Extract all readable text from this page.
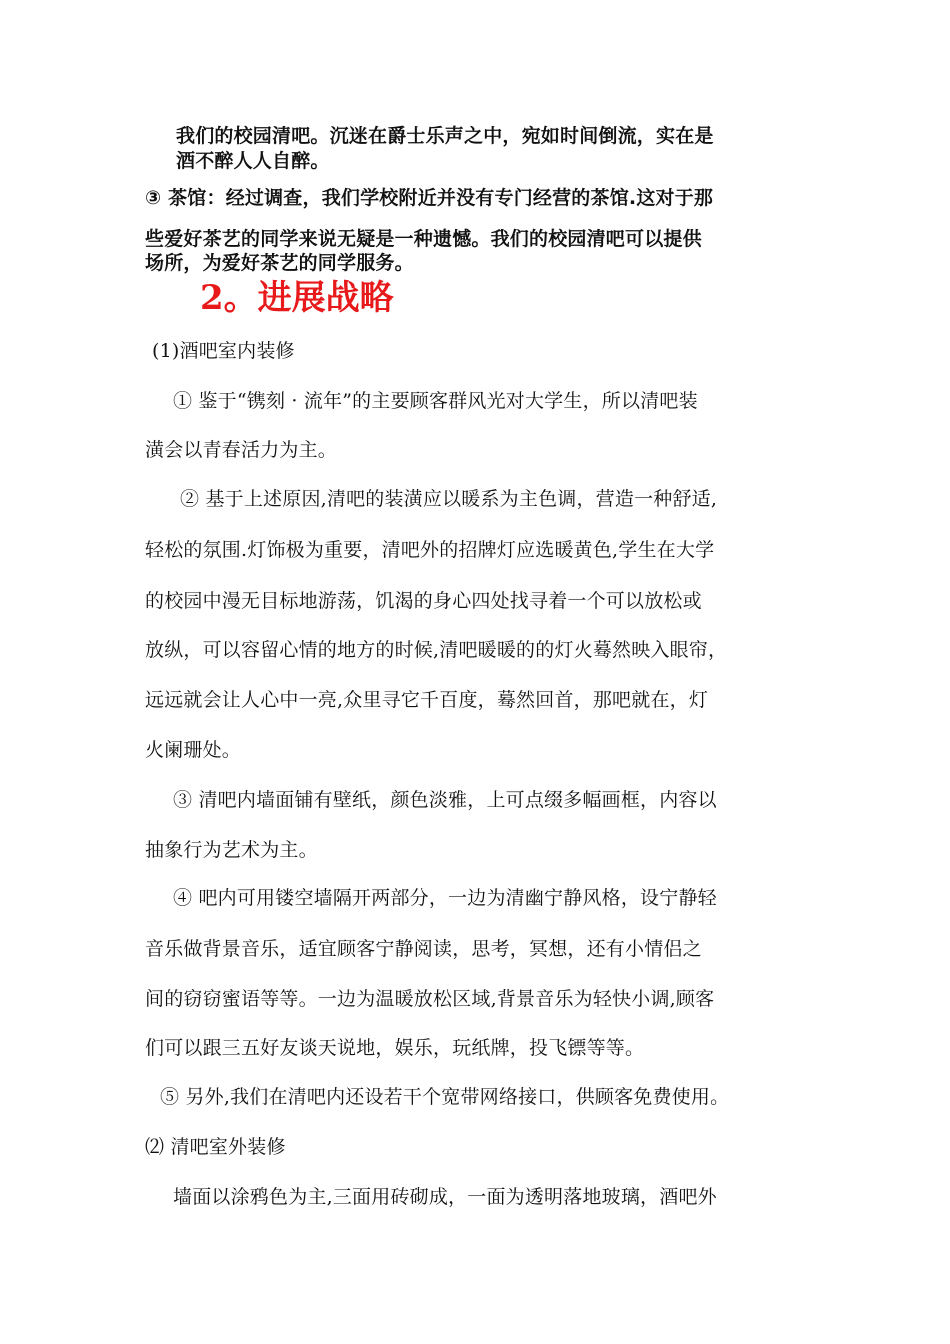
我们的校园清吧。沉迷在爵士乐声之中，宛如时间倒流，实在是

酒不醉人人自醉。

③ 茶馆：经过调查，我们学校附近并没有专门经营的茶馆.这对于那

些爱好茶艺的同学来说无疑是一种遗憾。我们的校园清吧可以提供

场所，为爱好茶艺的同学服务。

2。进展战略

(1)酒吧室内装修

① 鉴于“镌刻 · 流年”的主要顾客群风光对大学生，所以清吧装

潢会以青春活力为主。

② 基于上述原因,清吧的装潢应以暖系为主色调，营造一种舒适,

轻松的氛围.灯饰极为重要，清吧外的招牌灯应选暖黄色,学生在大学

的校园中漫无目标地游荡，饥渴的身心四处找寻着一个可以放松或

放纵，可以容留心情的地方的时候,清吧暖暖的的灯火蓦然映入眼帘，

远远就会让人心中一亮,众里寻它千百度，蓦然回首，那吧就在，灯

火阑珊处。

③ 清吧内墙面铺有壁纸，颜色淡雅，上可点缀多幅画框，内容以

抽象行为艺术为主。

④ 吧内可用镂空墙隔开两部分，一边为清幽宁静风格，设宁静轻

音乐做背景音乐，适宜顾客宁静阅读，思考，冥想，还有小情侣之

间的窃窃蜜语等等。一边为温暖放松区域,背景音乐为轻快小调,顾客

们可以跟三五好友谈天说地，娱乐，玩纸牌，投飞镖等等。

⑤ 另外,我们在清吧内还设若干个宽带网络接口，供顾客免费使用。

⑵ 清吧室外装修

墙面以涂鸦色为主,三面用砖砌成，一面为透明落地玻璃，酒吧外
